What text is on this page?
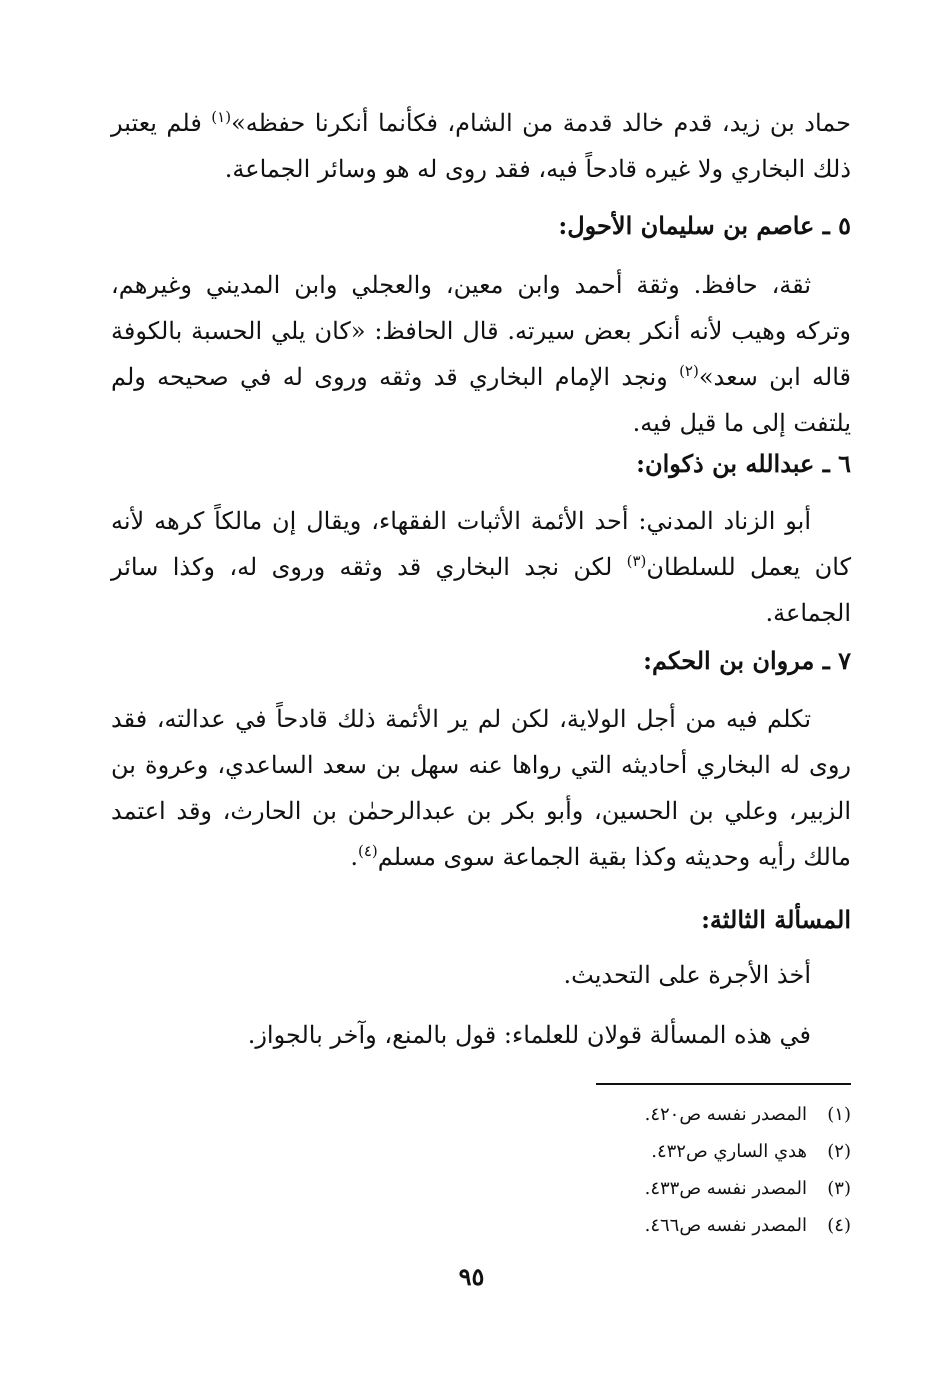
حماد بن زيد، قدم خالد قدمة من الشام، فكأنما أنكرنا حفظه»$^{(١)}$ فلم يعتبر ذلك البخاري ولا غيره قادحاً فيه، فقد روى له هو وسائر الجماعة.
٥ ـ عاصم بن سليمان الأحول:
ثقة، حافظ. وثقة أحمد وابن معين، والعجلي وابن المديني وغيرهم، وتركه وهيب لأنه أنكر بعض سيرته. قال الحافظ: «كان يلي الحسبة بالكوفة قاله ابن سعد»$^{(٢)}$ ونجد الإمام البخاري قد وثقه وروى له في صحيحه ولم يلتفت إلى ما قيل فيه.
٦ ـ عبدالله بن ذكوان:
أبو الزناد المدني: أحد الأئمة الأثبات الفقهاء، ويقال إن مالكاً كرهه لأنه كان يعمل للسلطان$^{(٣)}$ لكن نجد البخاري قد وثقه وروى له، وكذا سائر الجماعة.
٧ ـ مروان بن الحكم:
تكلم فيه من أجل الولاية، لكن لم ير الأئمة ذلك قادحاً في عدالته، فقد روى له البخاري أحاديثه التي رواها عنه سهل بن سعد الساعدي، وعروة بن الزبير، وعلي بن الحسين، وأبو بكر بن عبدالرحمٰن بن الحارث، وقد اعتمد مالك رأيه وحديثه وكذا بقية الجماعة سوى مسلم$^{(٤)}$.
المسألة الثالثة:
أخذ الأجرة على التحديث.
في هذه المسألة قولان للعلماء: قول بالمنع، وآخر بالجواز.
(١)المصدر نفسه ص٤٢٠.
(٢)هدي الساري ص٤٣٢.
(٣)المصدر نفسه ص٤٣٣.
(٤)المصدر نفسه ص٤٦٦.
٩٥
